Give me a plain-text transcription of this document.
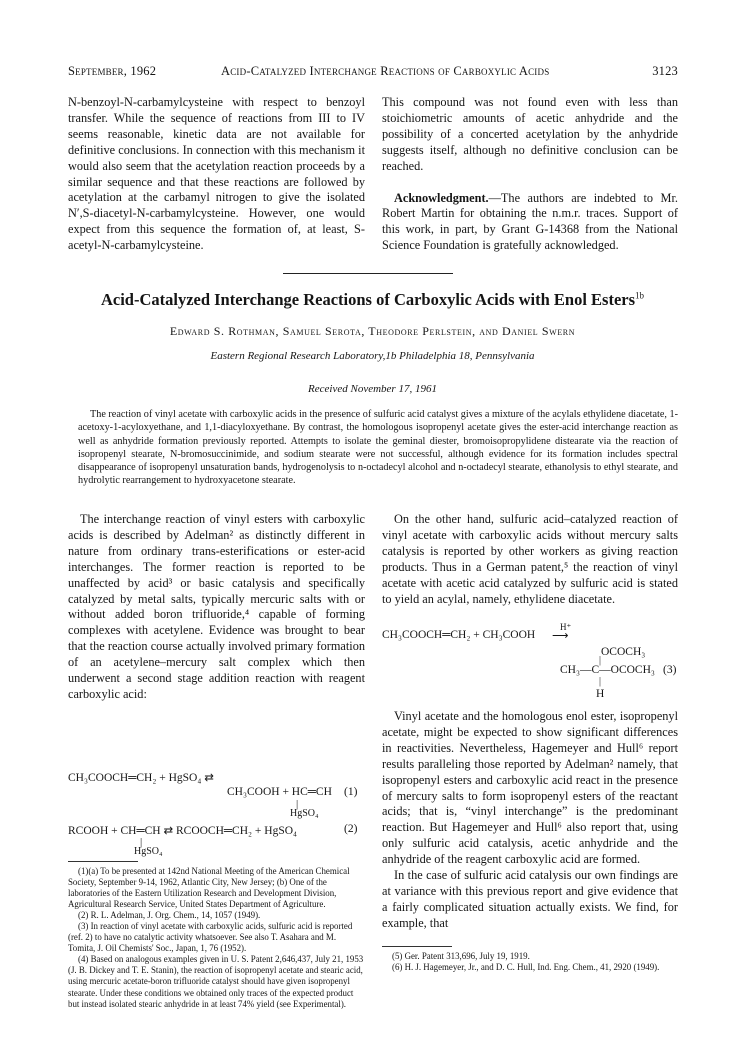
September, 1962	Acid-Catalyzed Interchange Reactions of Carboxylic Acids	3123

N-benzoyl-N-carbamylcysteine with respect to benzoyl transfer. While the sequence of reactions from III to IV seems reasonable, kinetic data are not available for definitive conclusions. In connection with this mechanism it would also seem that the acetylation reaction proceeds by a similar sequence and that these reactions are followed by acetylation at the carbamyl nitrogen to give the isolated N′,S-diacetyl-N-carbamylcysteine. However, one would expect from this sequence the formation of, at least, S-acetyl-N-carbamylcysteine.

This compound was not found even with less than stoichiometric amounts of acetic anhydride and the possibility of a concerted acetylation by the anhydride suggests itself, although no definitive conclusion can be reached.

Acknowledgment.—The authors are indebted to Mr. Robert Martin for obtaining the n.m.r. traces. Support of this work, in part, by Grant G-14368 from the National Science Foundation is gratefully acknowledged.

Acid-Catalyzed Interchange Reactions of Carboxylic Acids with Enol Esters$^{1b}$
Edward S. Rothman, Samuel Serota, Theodore Perlstein, and Daniel Swern
Eastern Regional Research Laboratory,1b Philadelphia 18, Pennsylvania
Received November 17, 1961
The reaction of vinyl acetate with carboxylic acids in the presence of sulfuric acid catalyst gives a mixture of the acylals ethylidene diacetate, 1-acetoxy-1-acyloxyethane, and 1,1-diacyloxyethane. By contrast, the homologous isopropenyl acetate gives the ester-acid interchange reaction as well as anhydride formation previously reported. Attempts to isolate the geminal diester, bromoisopropylidene distearate via the reaction of isopropenyl stearate, N-bromosuccinimide, and sodium stearate were not successful, although evidence for its formation includes spectral disappearance of isopropenyl unsaturation bands, hydrogenolysis to n-octadecyl alcohol and n-octadecyl stearate, ethanolysis to ethyl stearate, and hydrolytic rearrangement to hydroxyacetone stearate.

The interchange reaction of vinyl esters with carboxylic acids is described by Adelman² as distinctly different in nature from ordinary trans-esterifications or ester-acid interchanges. The former reaction is reported to be unaffected by acid³ or basic catalysis and specifically catalyzed by metal salts, typically mercuric salts with or without added boron trifluoride,⁴ capable of forming complexes with acetylene. Evidence was brought to bear that the reaction course actually involved primary formation of an acetylene–mercury salt complex which then underwent a second stage addition reaction with reagent carboxylic acid:

CH₃COOCH═CH₂ + HgSO₄ ⇄
CH₃COOH + HC═CH (1)
|
HgSO₄
RCOOH + CH═CH ⇄ RCOOCH═CH₂ + HgSO₄	(2)
|
HgSO₄
(1)(a) To be presented at 142nd National Meeting of the American Chemical Society, September 9-14, 1962, Atlantic City, New Jersey; (b) One of the laboratories of the Eastern Utilization Research and Development Division, Agricultural Research Service, United States Department of Agriculture.
(2) R. L. Adelman, J. Org. Chem., 14, 1057 (1949).
(3) In reaction of vinyl acetate with carboxylic acids, sulfuric acid is reported (ref. 2) to have no catalytic activity whatsoever. See also T. Asahara and M. Tomita, J. Oil Chemists' Soc., Japan, 1, 76 (1952).
(4) Based on analogous examples given in U. S. Patent 2,646,437, July 21, 1953 (J. B. Dickey and T. E. Stanin), the reaction of isopropenyl acetate and stearic acid, using mercuric acetate-boron trifluoride catalyst should have given isopropenyl stearate. Under these conditions we obtained only traces of the expected product but instead isolated stearic anhydride in at least 74% yield (see Experimental).

On the other hand, sulfuric acid–catalyzed reaction of vinyl acetate with carboxylic acids without mercury salts catalysis is reported by other workers as giving reaction products. Thus in a German patent,⁵ the reaction of vinyl acetate with acetic acid catalyzed by sulfuric acid is stated to yield an acylal, namely, ethylidene diacetate.

CH₃COOCH═CH₂ + CH₃COOH
H⁺
⟶
OCOCH₃
|
CH₃—C—OCOCH₃ (3)
|
H

Vinyl acetate and the homologous enol ester, isopropenyl acetate, might be expected to show significant differences in reactivities. Nevertheless, Hagemeyer and Hull⁶ report results paralleling those reported by Adelman² namely, that isopropenyl esters and carboxylic acid react in the presence of mercury salts to form isopropenyl esters of the reactant acids; that is, “vinyl interchange” is the predominant reaction. But Hagemeyer and Hull⁶ also report that, using only sulfuric acid catalysis, acetic anhydride and the anhydride of the reagent carboxylic acid are formed.

In the case of sulfuric acid catalysis our own findings are at variance with this previous report and give evidence that a fairly complicated situation actually exists. We find, for example, that

(5) Ger. Patent 313,696, July 19, 1919.
(6) H. J. Hagemeyer, Jr., and D. C. Hull, Ind. Eng. Chem., 41, 2920 (1949).
